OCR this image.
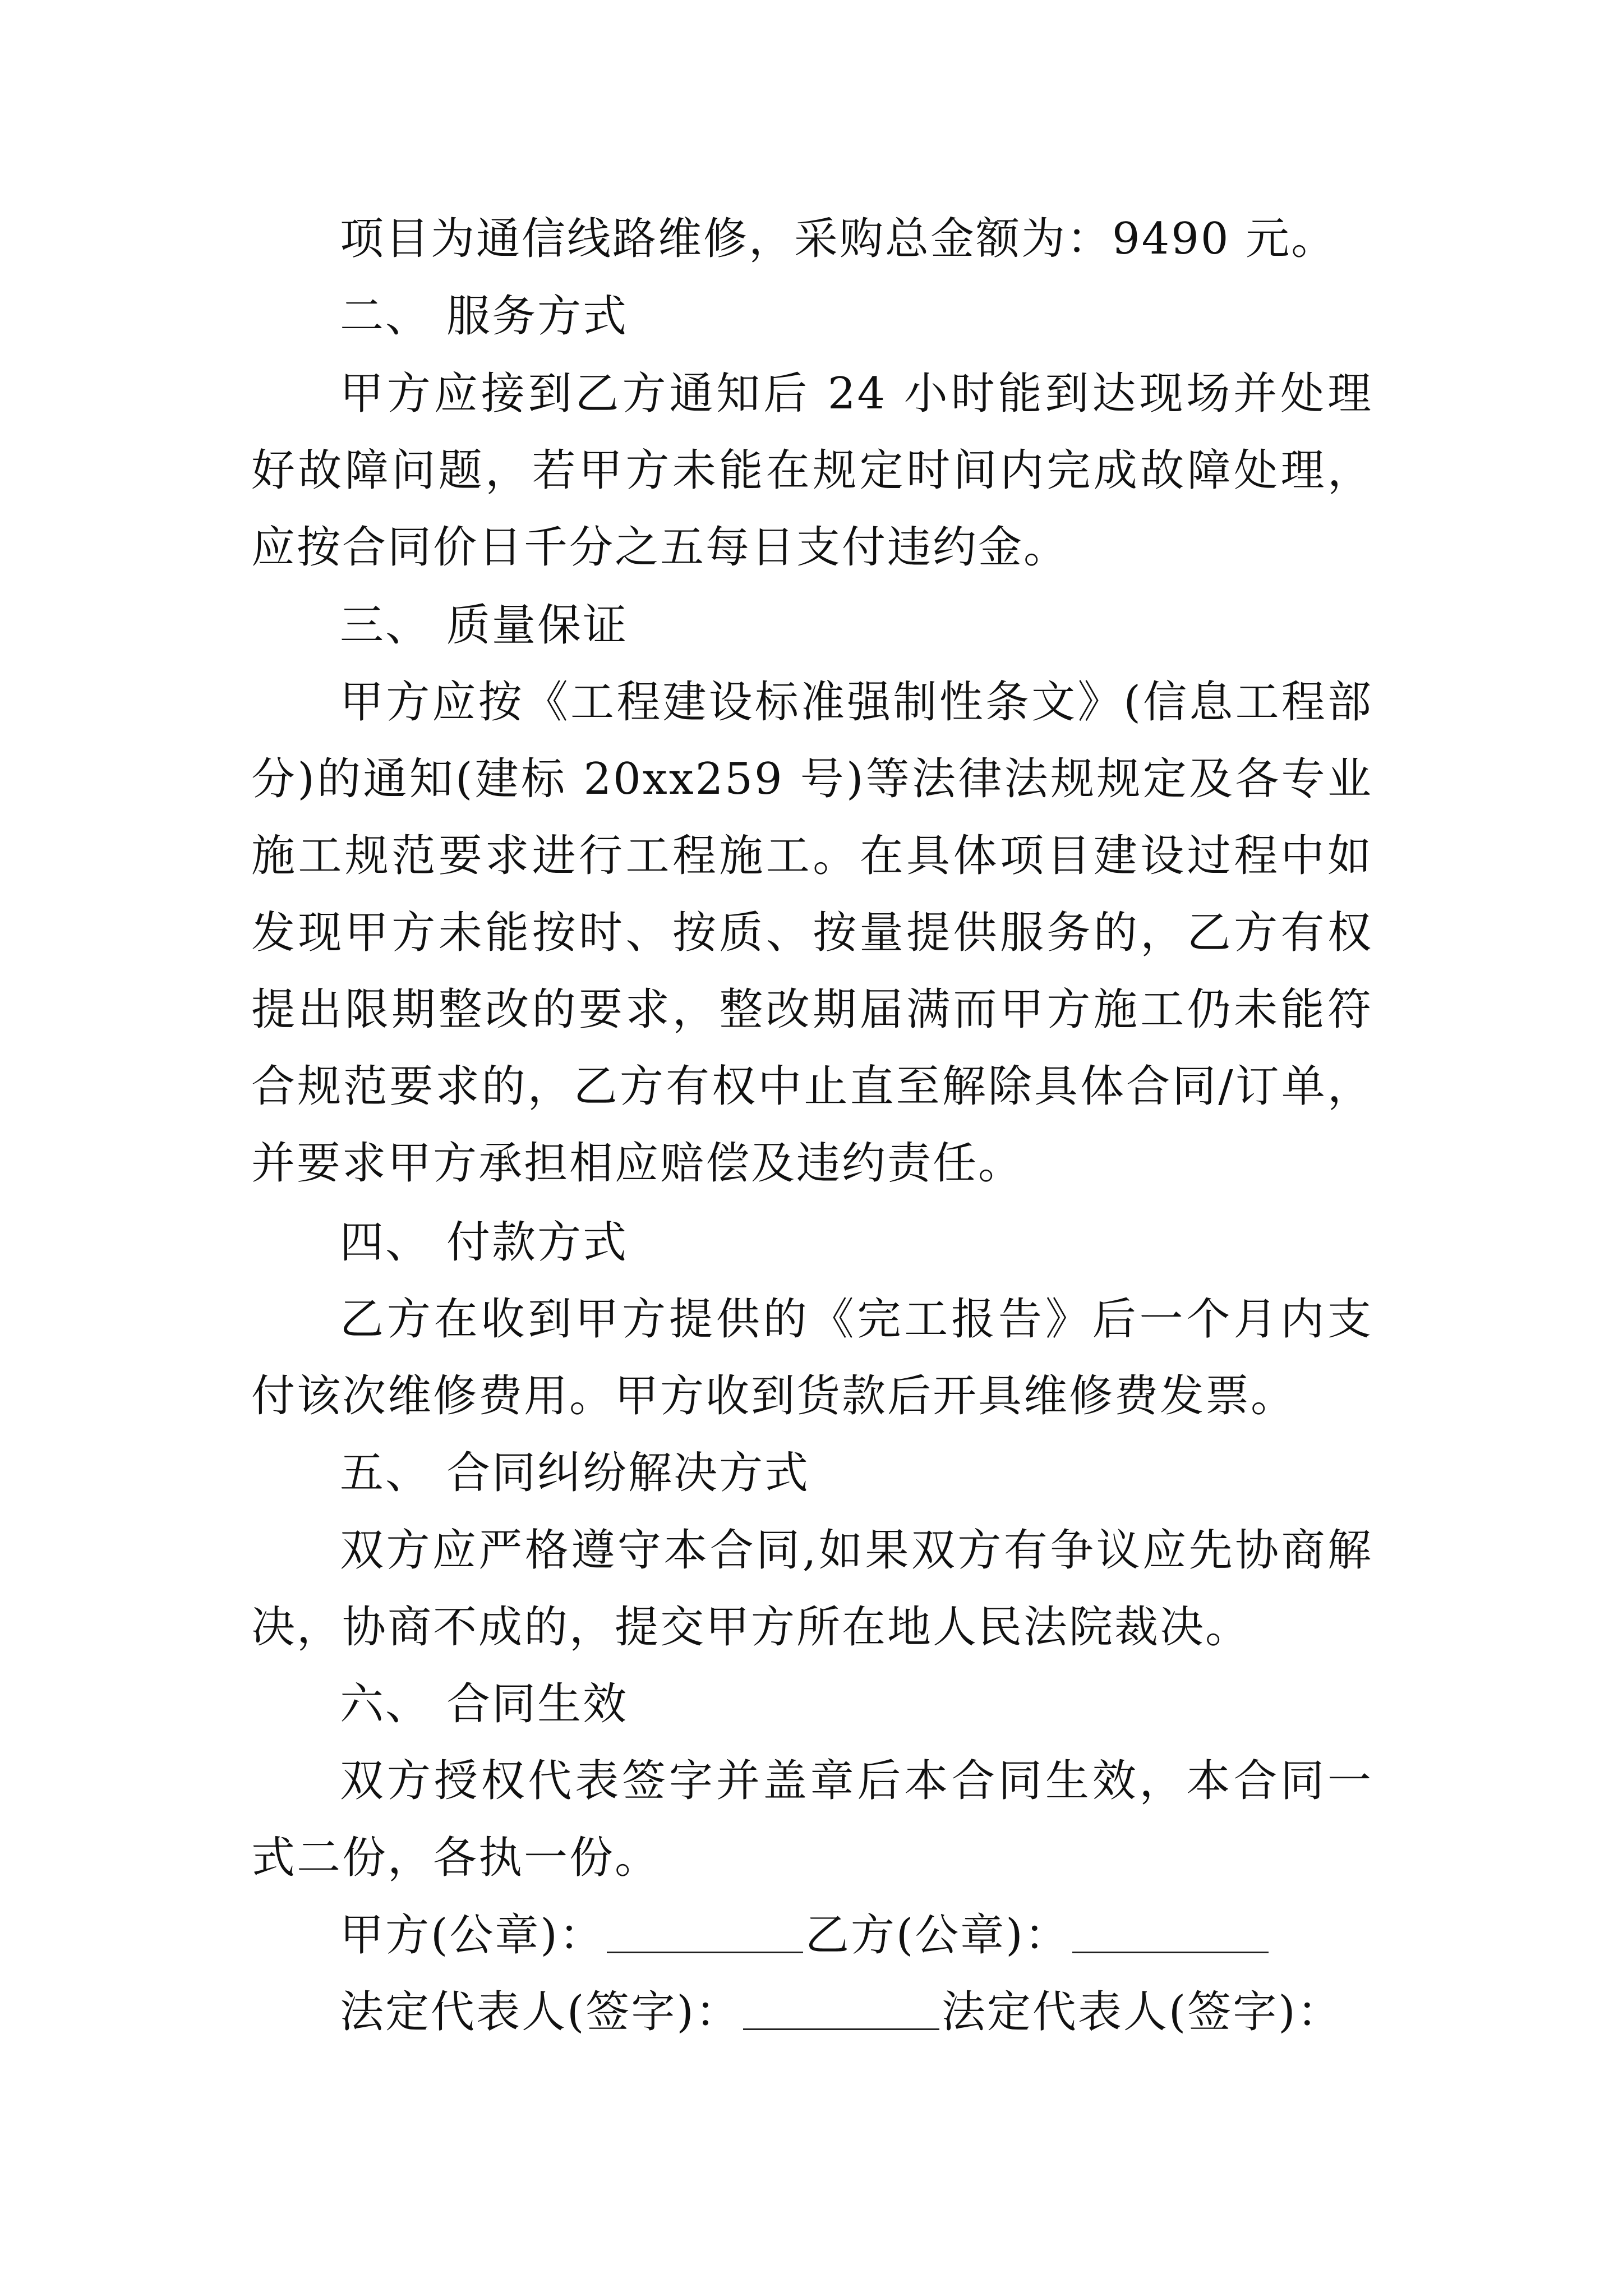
项目为通信线路维修，采购总金额为：9490 元。

二、 服务方式

甲方应接到乙方通知后 24 小时能到达现场并处理好故障问题，若甲方未能在规定时间内完成故障处理， 应按合同价日千分之五每日支付违约金。

三、 质量保证

甲方应按《工程建设标准强制性条文》(信息工程部分)的通知(建标 20xx259 号)等法律法规规定及各专业施工规范要求进行工程施工。在具体项目建设过程中如发现甲方未能按时、按质、按量提供服务的，乙方有权提出限期整改的要求，整改期届满而甲方施工仍未能符合规范要求的，乙方有权中止直至解除具体合同/订单，并要求甲方承担相应赔偿及违约责任。

四、 付款方式

乙方在收到甲方提供的《完工报告》后一个月内支付该次维修费用。甲方收到货款后开具维修费发票。

五、 合同纠纷解决方式

双方应严格遵守本合同,如果双方有争议应先协商解决，协商不成的，提交甲方所在地人民法院裁决。

六、 合同生效

双方授权代表签字并盖章后本合同生效，本合同一式二份，各执一份。

甲方(公章)：	乙方(公章)：
法定代表人(签字)：	法定代表人(签字)：
